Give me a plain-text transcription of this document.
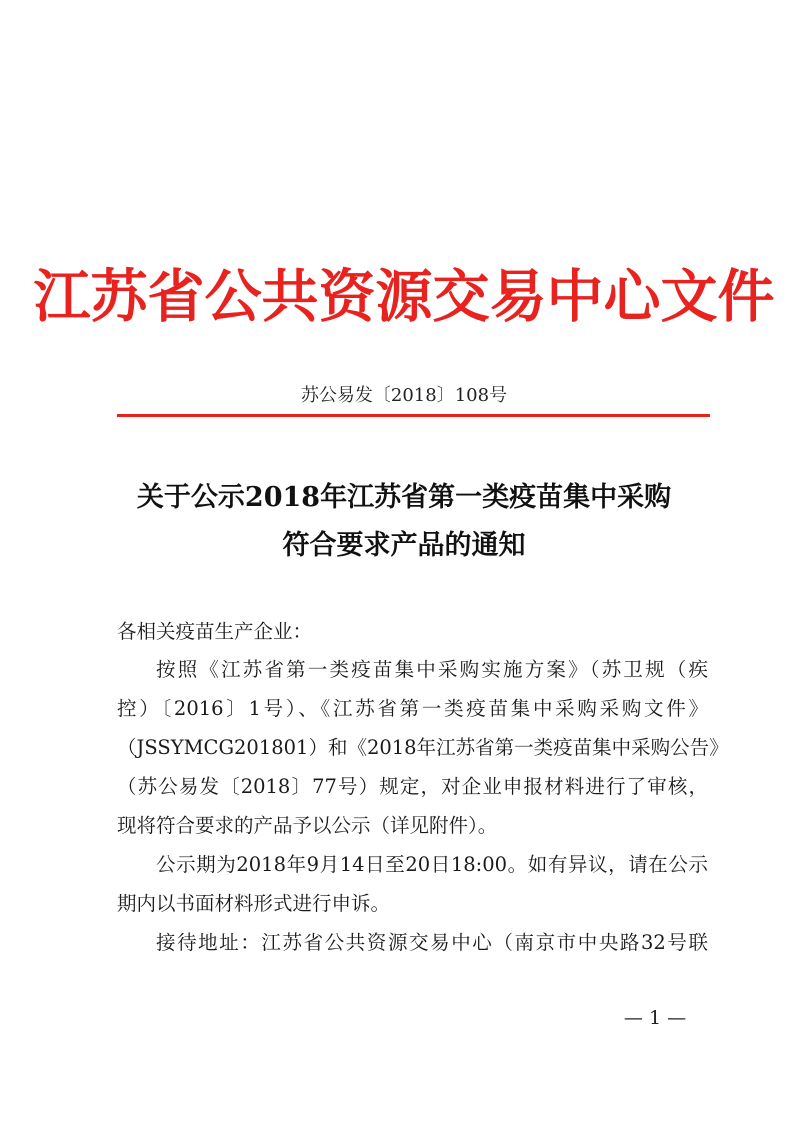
江苏省公共资源交易中心文件
苏公易发〔2018〕108号
关于公示2018年江苏省第一类疫苗集中采购
符合要求产品的通知
各相关疫苗生产企业：
按照《江苏省第一类疫苗集中采购实施方案》（苏卫规（疾
控）〔2016〕1号）、《江苏省第一类疫苗集中采购采购文件》
（JSSYMCG201801）和《2018年江苏省第一类疫苗集中采购公告》
（苏公易发〔2018〕77号）规定，对企业申报材料进行了审核，
现将符合要求的产品予以公示（详见附件）。
公示期为2018年9月14日至20日18:00。如有异议，请在公示
期内以书面材料形式进行申诉。
接待地址：江苏省公共资源交易中心（南京市中央路32号联
— 1 —
